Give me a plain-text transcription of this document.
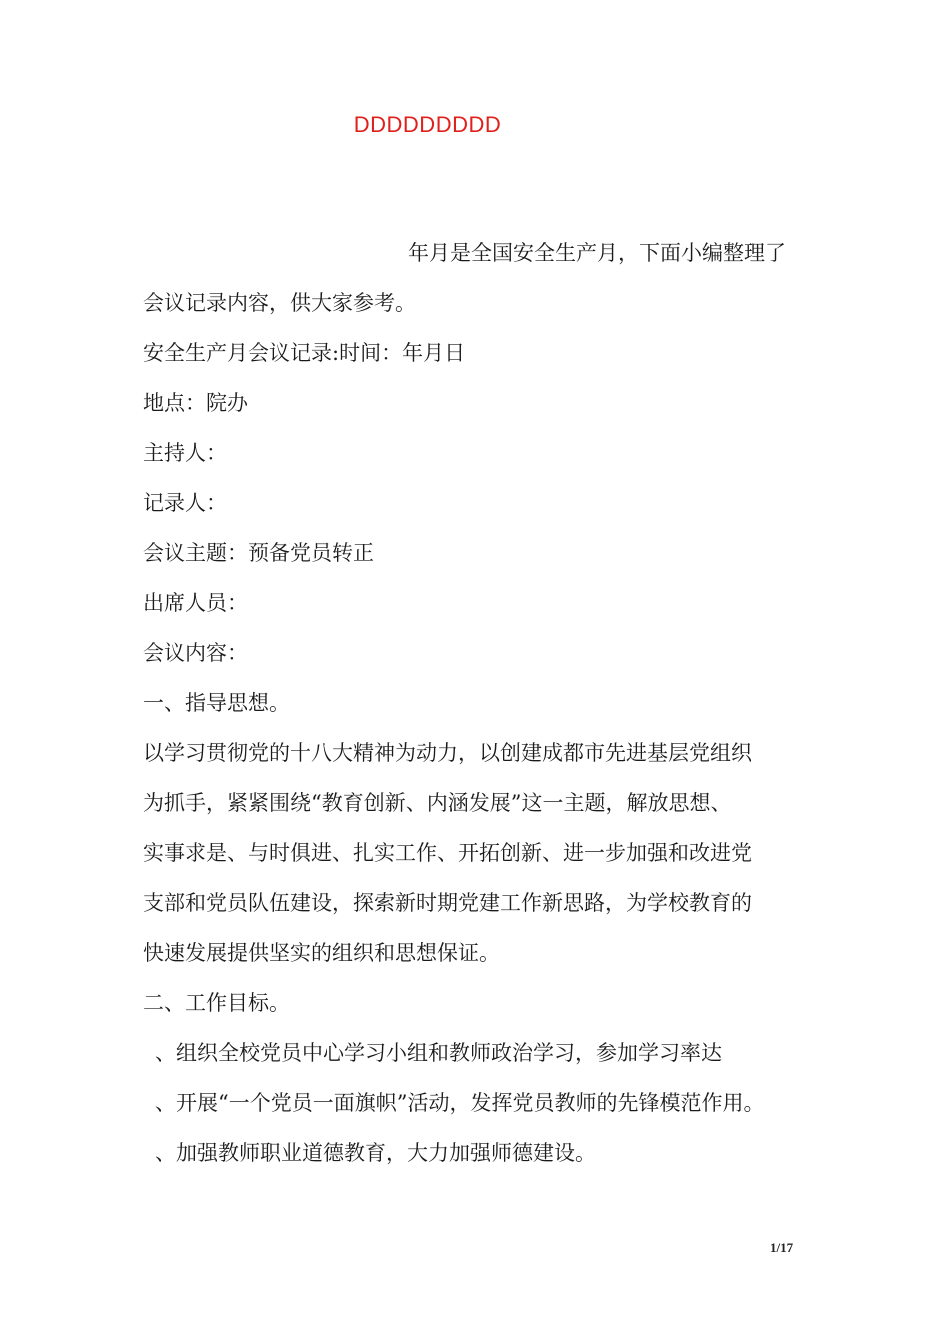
DDDDDDDDD
年月是全国安全生产月，下面小编整理了
会议记录内容，供大家参考。
安全生产月会议记录:时间：年月日
地点：院办
主持人：
记录人：
会议主题：预备党员转正
出席人员：
会议内容：
一、指导思想。
以学习贯彻党的十八大精神为动力，以创建成都市先进基层党组织
为抓手，紧紧围绕“教育创新、内涵发展”这一主题，解放思想、
实事求是、与时俱进、扎实工作、开拓创新、进一步加强和改进党
支部和党员队伍建设，探索新时期党建工作新思路，为学校教育的
快速发展提供坚实的组织和思想保证。
二、工作目标。
、组织全校党员中心学习小组和教师政治学习，参加学习率达
、开展“一个党员一面旗帜”活动，发挥党员教师的先锋模范作用。
、加强教师职业道德教育，大力加强师德建设。
1/17
